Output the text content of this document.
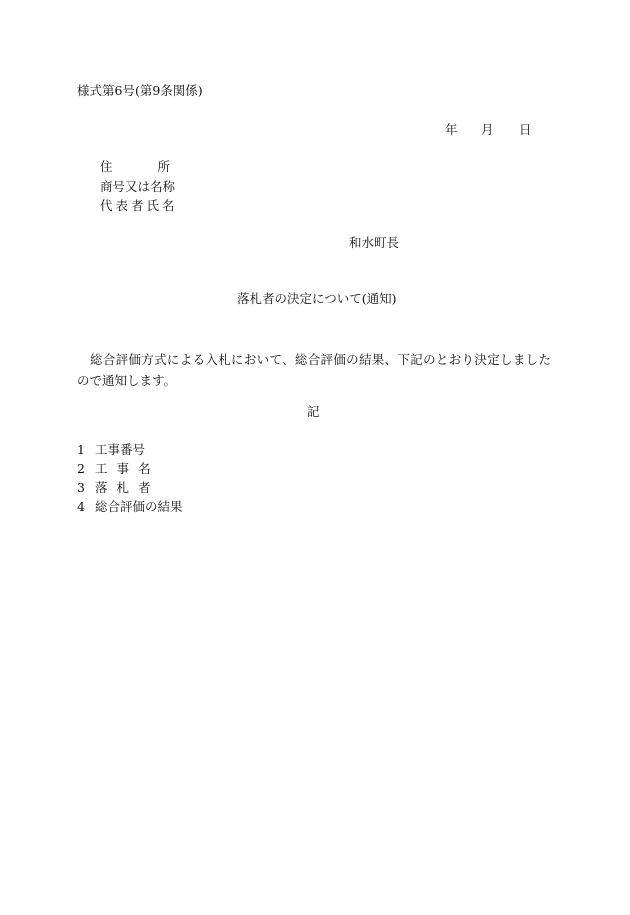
様式第6号(第9条関係)
年 月 日
住所
商号又は名称
代表者氏名
和水町長
落札者の決定について(通知)
総合評価方式による入札において、総合評価の結果、下記のとおり決定しましたので通知します。
記
1 工事番号
2 工事名
3 落札者
4 総合評価の結果
